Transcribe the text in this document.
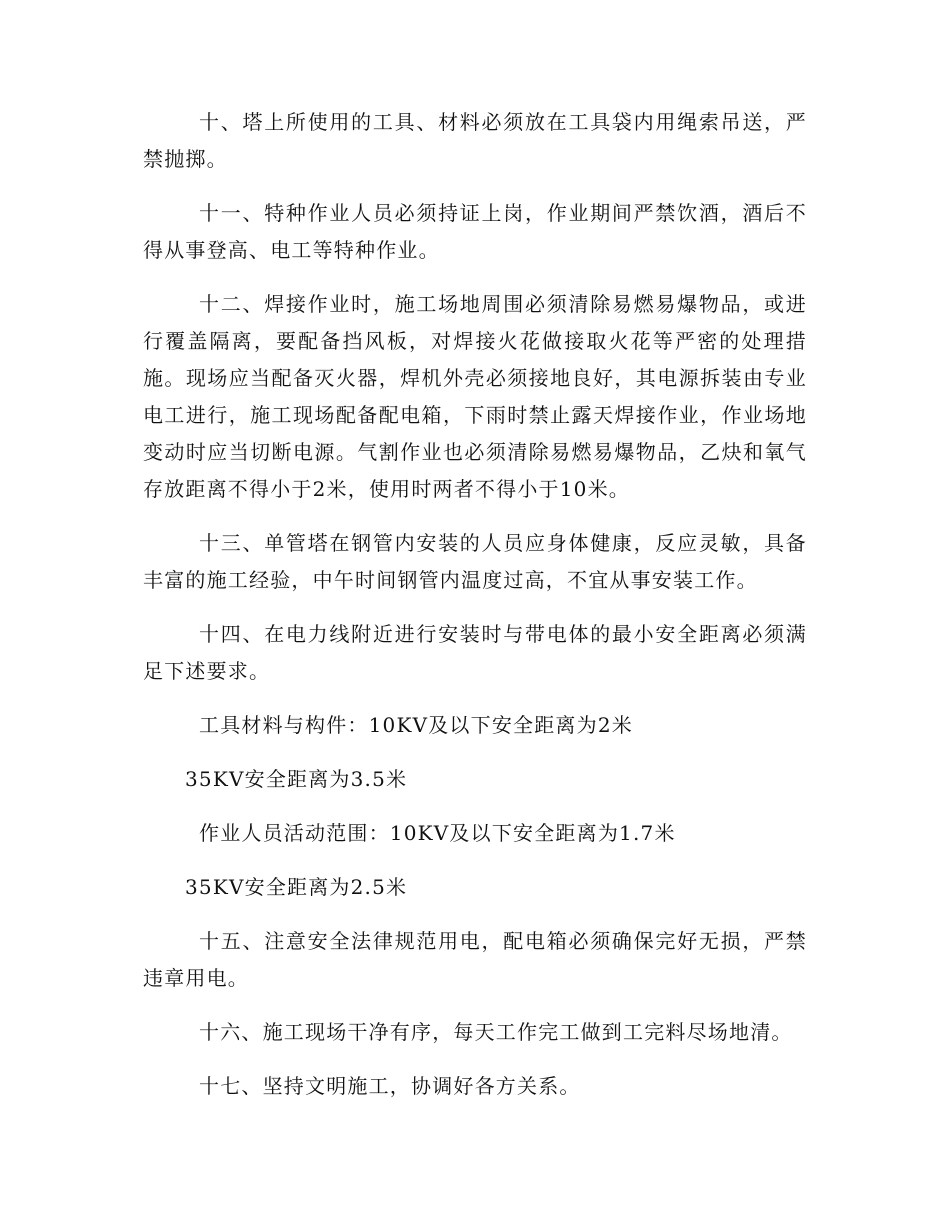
十、塔上所使用的工具、材料必须放在工具袋内用绳索吊送，严禁抛掷。

十一、特种作业人员必须持证上岗，作业期间严禁饮酒，酒后不得从事登高、电工等特种作业。

十二、焊接作业时，施工场地周围必须清除易燃易爆物品，或进行覆盖隔离，要配备挡风板，对焊接火花做接取火花等严密的处理措施。现场应当配备灭火器，焊机外壳必须接地良好，其电源拆装由专业电工进行，施工现场配备配电箱，下雨时禁止露天焊接作业，作业场地变动时应当切断电源。气割作业也必须清除易燃易爆物品，乙炔和氧气存放距离不得小于2米，使用时两者不得小于10米。

十三、单管塔在钢管内安装的人员应身体健康，反应灵敏，具备丰富的施工经验，中午时间钢管内温度过高，不宜从事安装工作。

十四、在电力线附近进行安装时与带电体的最小安全距离必须满足下述要求。

工具材料与构件：10KV及以下安全距离为2米

35KV安全距离为3.5米

作业人员活动范围：10KV及以下安全距离为1.7米

35KV安全距离为2.5米

十五、注意安全法律规范用电，配电箱必须确保完好无损，严禁违章用电。

十六、施工现场干净有序，每天工作完工做到工完料尽场地清。

十七、坚持文明施工，协调好各方关系。
